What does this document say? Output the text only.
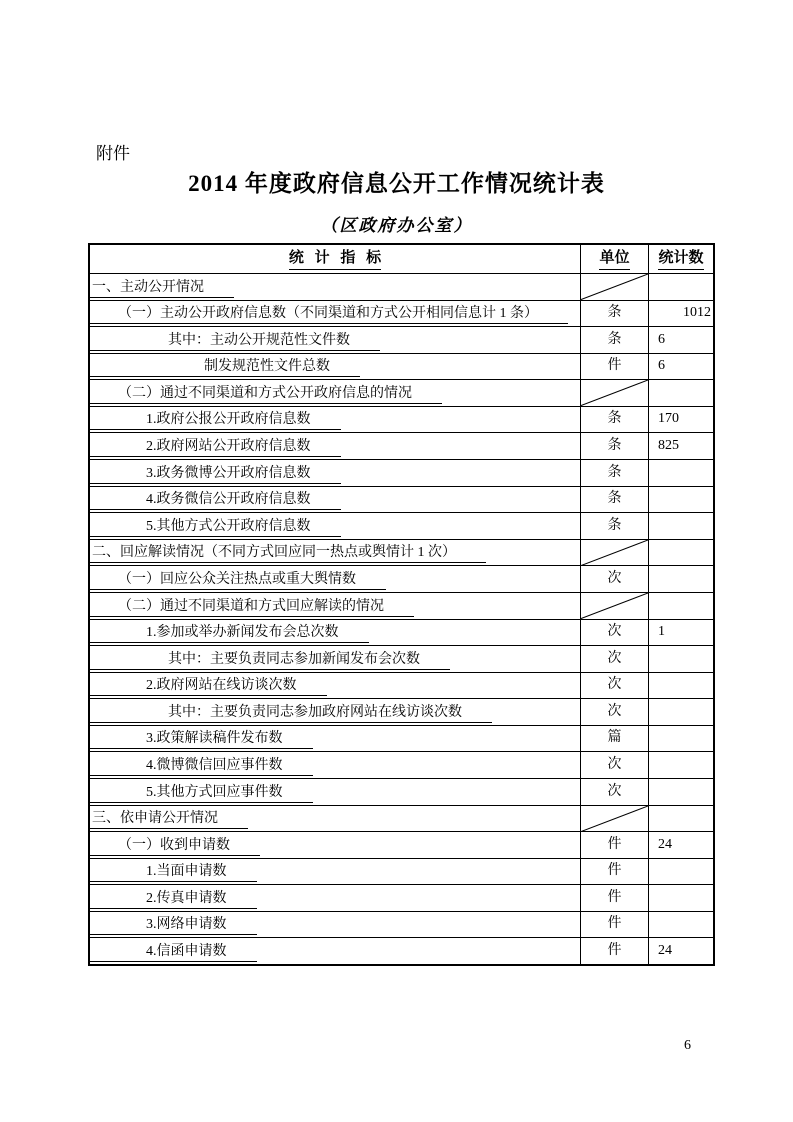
附件
2014 年度政府信息公开工作情况统计表
（区政府办公室）
统 计 指 标	单位 统计数
一、主动公开情况
（一）主动公开政府信息数（不同渠道和方式公开相同信息计 1 条）	条	1012
其中：主动公开规范性文件数	条	6
制发规范性文件总数	件	6
（二）通过不同渠道和方式公开政府信息的情况
1.政府公报公开政府信息数	条	170
2.政府网站公开政府信息数	条	825
3.政务微博公开政府信息数	条
4.政务微信公开政府信息数	条
5.其他方式公开政府信息数	条
二、回应解读情况（不同方式回应同一热点或舆情计 1 次）
（一）回应公众关注热点或重大舆情数	次
（二）通过不同渠道和方式回应解读的情况
1.参加或举办新闻发布会总次数	次	1
其中：主要负责同志参加新闻发布会次数	次
2.政府网站在线访谈次数	次
其中：主要负责同志参加政府网站在线访谈次数	次
3.政策解读稿件发布数	篇
4.微博微信回应事件数	次
5.其他方式回应事件数	次
三、依申请公开情况
（一）收到申请数	件	24
1.当面申请数	件
2.传真申请数	件
3.网络申请数	件
4.信函申请数	件	24
6
